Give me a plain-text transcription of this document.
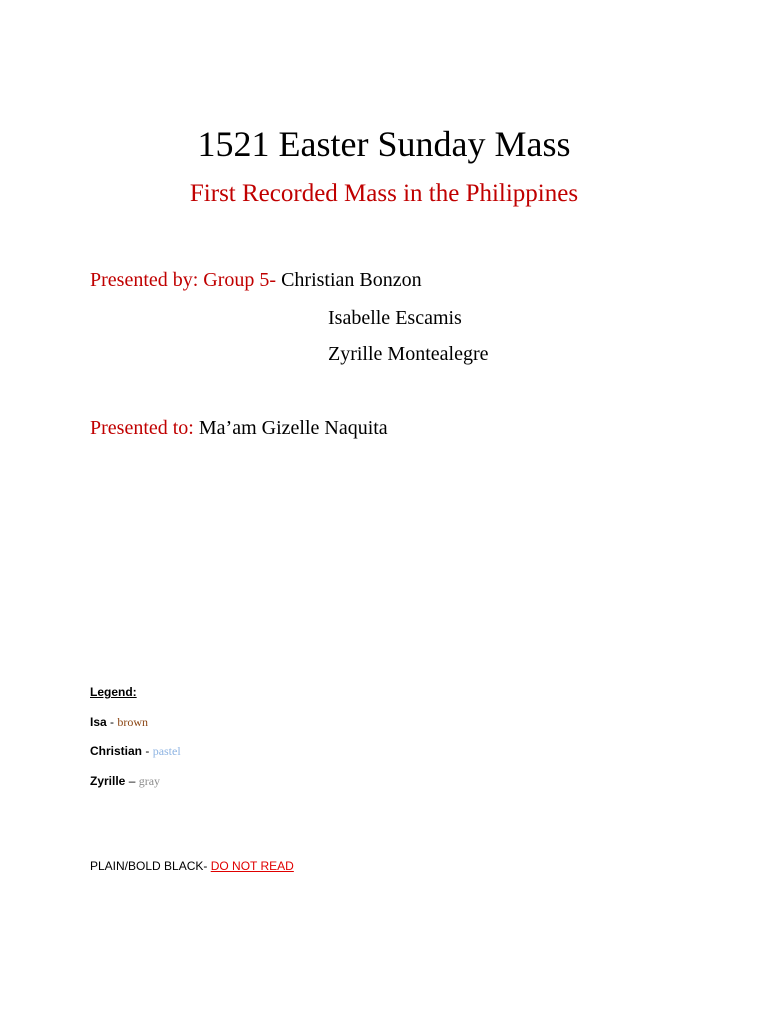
1521 Easter Sunday Mass
First Recorded Mass in the Philippines
Presented by: Group 5- Christian Bonzon
Isabelle Escamis
Zyrille Montealegre
Presented to: Ma’am Gizelle Naquita
Legend:
Isa - brown
Christian - pastel
Zyrille – gray
PLAIN/BOLD BLACK- DO NOT READ
